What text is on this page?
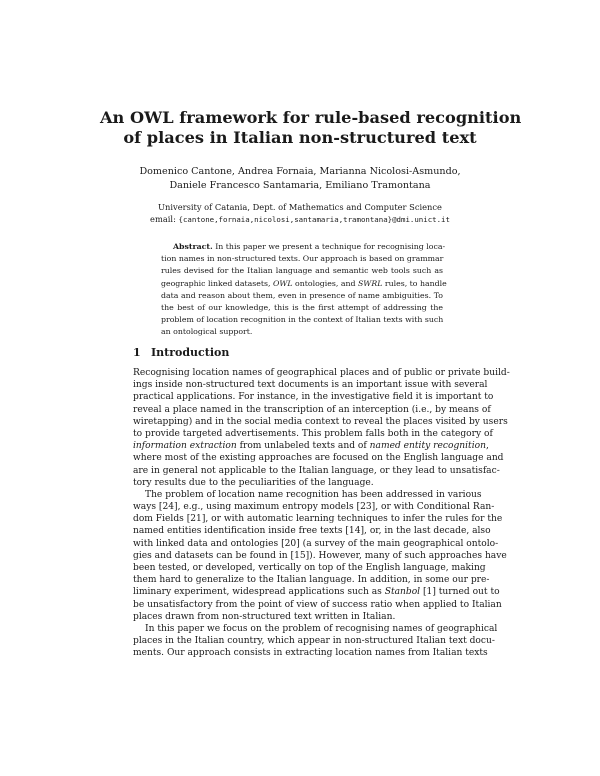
An OWL framework for rule-based recognition
of places in Italian non-structured text
Domenico Cantone, Andrea Fornaia, Marianna Nicolosi-Asmundo,
Daniele Francesco Santamaria, Emiliano Tramontana
University of Catania, Dept. of Mathematics and Computer Science
email: {cantone,fornaia,nicolosi,santamaria,tramontana}@dmi.unict.it
Abstract. In this paper we present a technique for recognising loca-
tion names in non-structured texts. Our approach is based on grammar
rules devised for the Italian language and semantic web tools such as
geographic linked datasets, OWL ontologies, and SWRL rules, to handle
data and reason about them, even in presence of name ambiguities. To
the best of our knowledge, this is the first attempt of addressing the
problem of location recognition in the context of Italian texts with such
an ontological support.
1 Introduction
Recognising location names of geographical places and of public or private build-
ings inside non-structured text documents is an important issue with several
practical applications. For instance, in the investigative field it is important to
reveal a place named in the transcription of an interception (i.e., by means of
wiretapping) and in the social media context to reveal the places visited by users
to provide targeted advertisements. This problem falls both in the category of
information extraction from unlabeled texts and of named entity recognition,
where most of the existing approaches are focused on the English language and
are in general not applicable to the Italian language, or they lead to unsatisfac-
tory results due to the peculiarities of the language.
The problem of location name recognition has been addressed in various
ways [24], e.g., using maximum entropy models [23], or with Conditional Ran-
dom Fields [21], or with automatic learning techniques to infer the rules for the
named entities identification inside free texts [14], or, in the last decade, also
with linked data and ontologies [20] (a survey of the main geographical ontolo-
gies and datasets can be found in [15]). However, many of such approaches have
been tested, or developed, vertically on top of the English language, making
them hard to generalize to the Italian language. In addition, in some our pre-
liminary experiment, widespread applications such as Stanbol [1] turned out to
be unsatisfactory from the point of view of success ratio when applied to Italian
places drawn from non-structured text written in Italian.
In this paper we focus on the problem of recognising names of geographical
places in the Italian country, which appear in non-structured Italian text docu-
ments. Our approach consists in extracting location names from Italian texts
